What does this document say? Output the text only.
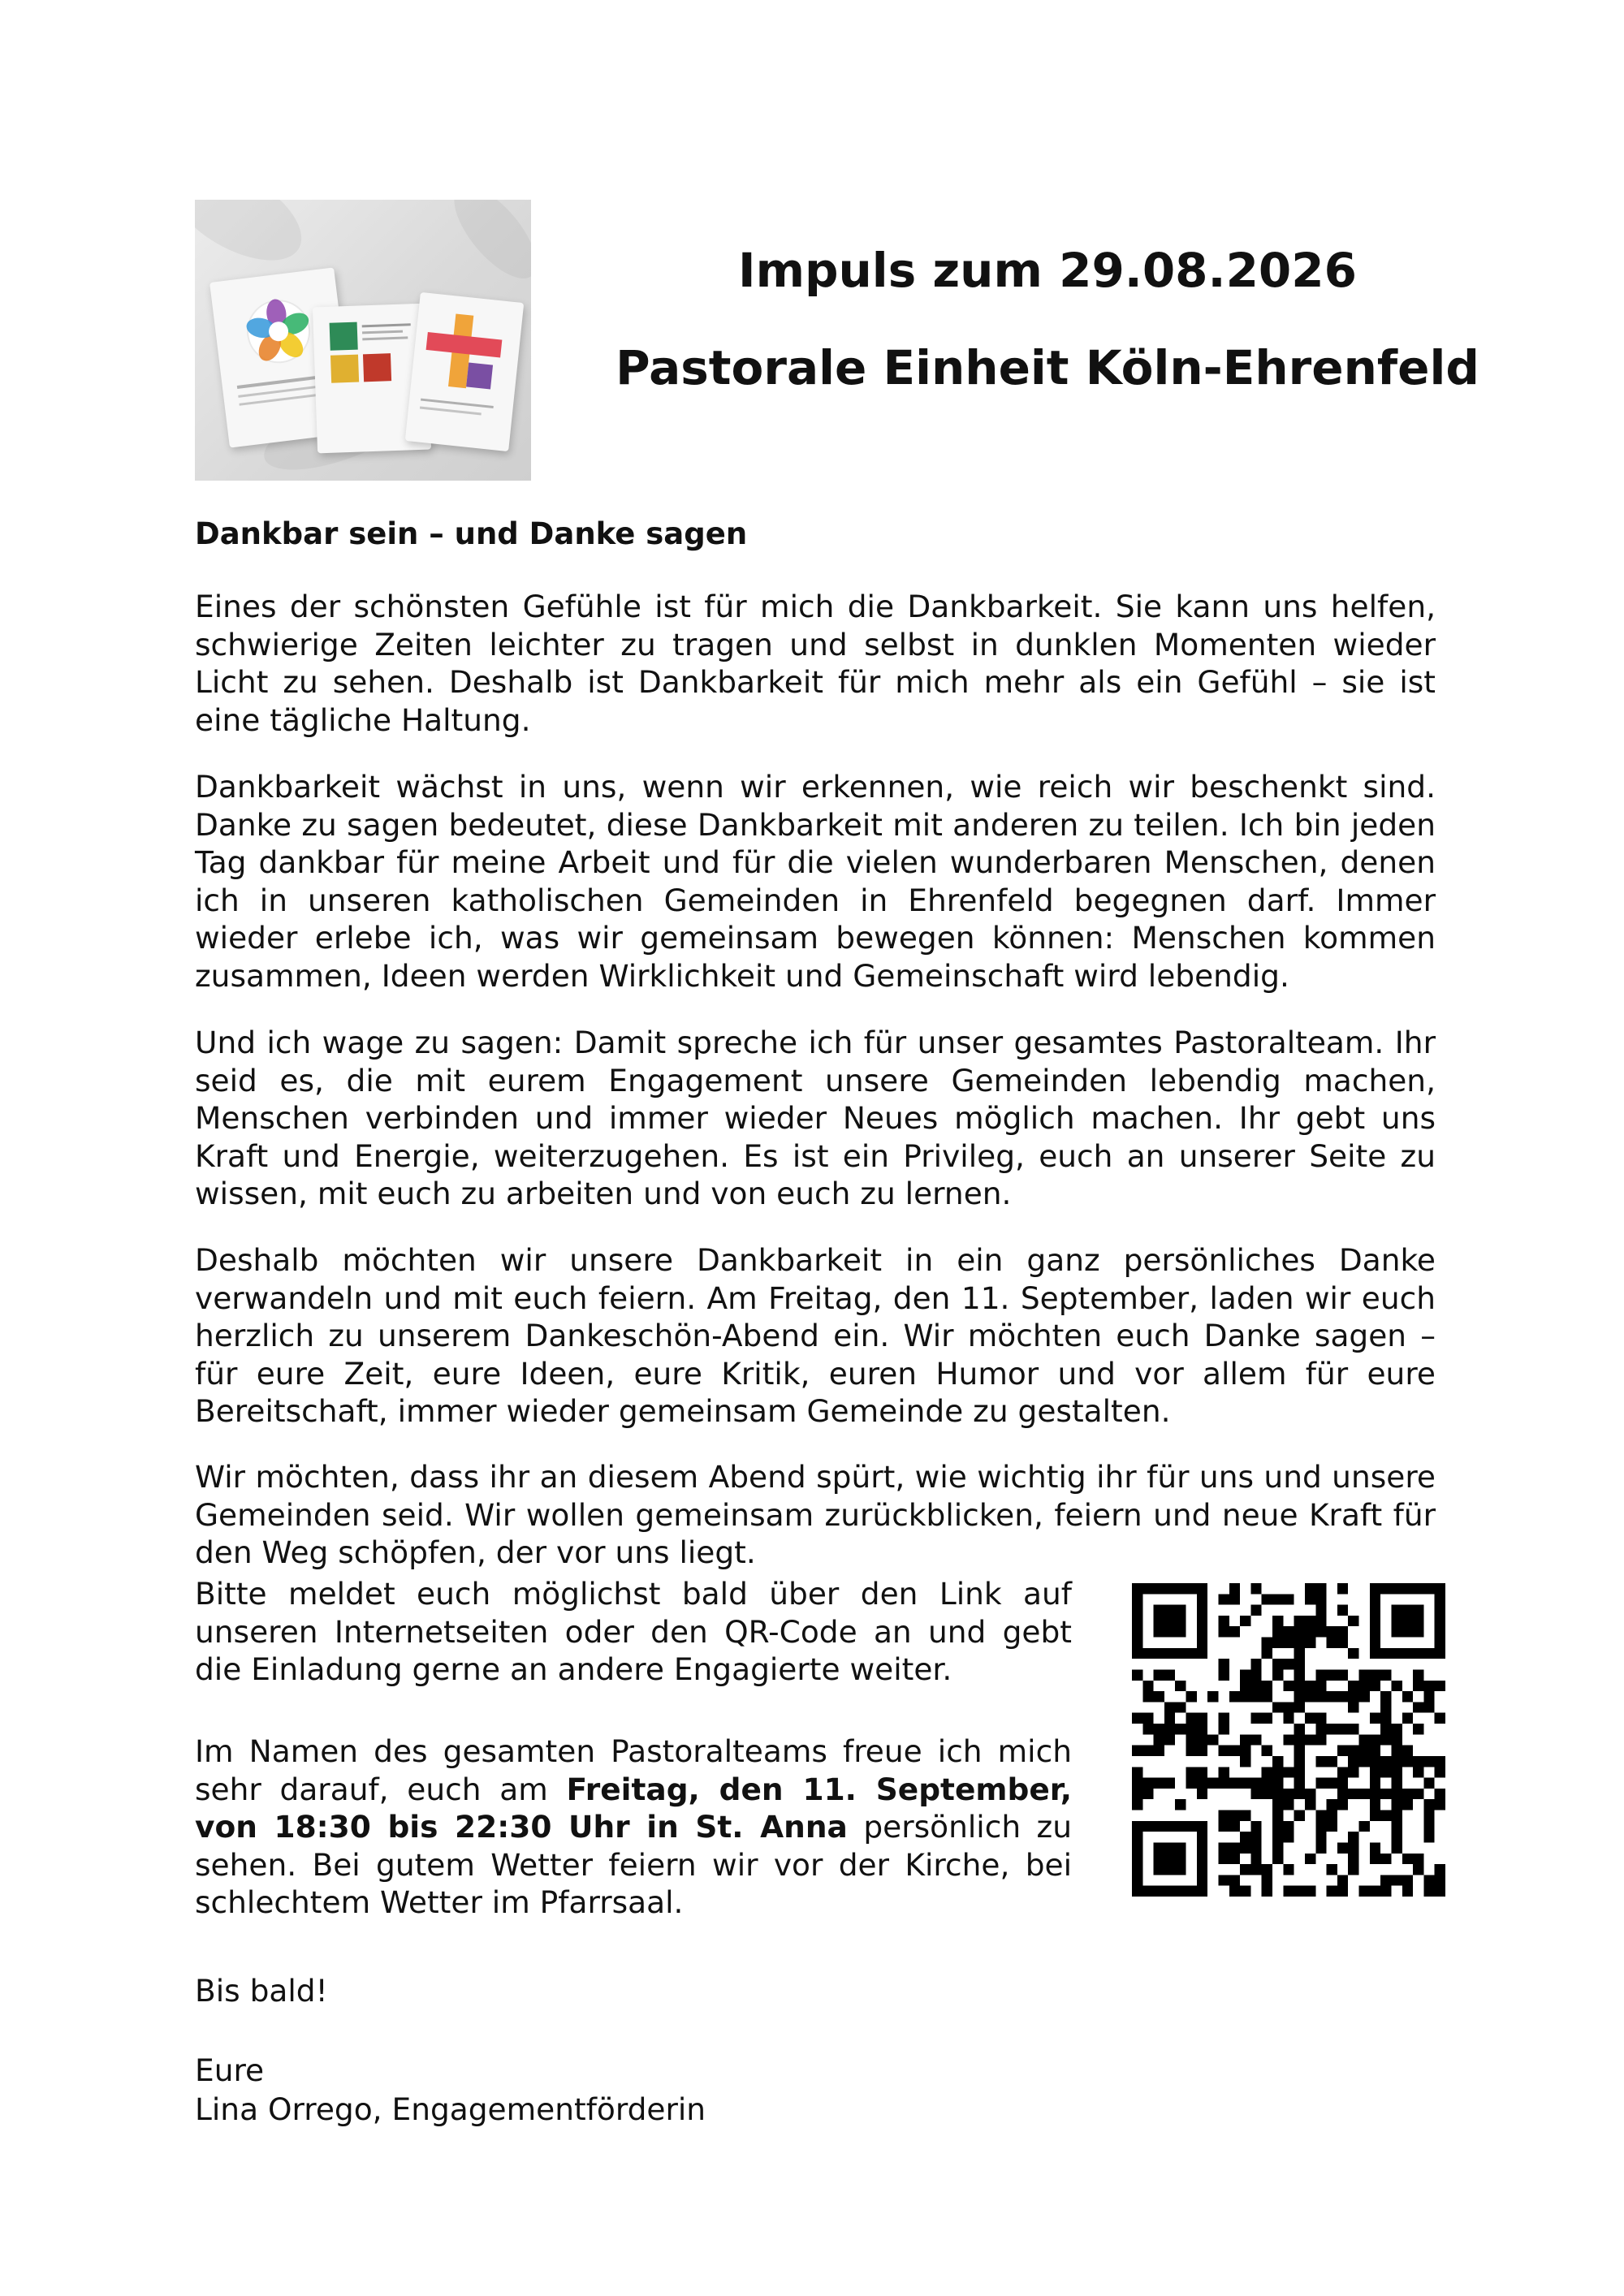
Impuls zum 29.08.2026
Pastorale Einheit Köln-Ehrenfeld
Dankbar sein – und Danke sagen

Eines der schönsten Gefühle ist für mich die Dankbarkeit. Sie kann uns helfen, schwierige Zeiten leichter zu tragen und selbst in dunklen Momenten wieder Licht zu sehen. Deshalb ist Dankbarkeit für mich mehr als ein Gefühl – sie ist eine tägliche Haltung.

Dankbarkeit wächst in uns, wenn wir erkennen, wie reich wir beschenkt sind. Danke zu sagen bedeutet, diese Dankbarkeit mit anderen zu teilen. Ich bin jeden Tag dankbar für meine Arbeit und für die vielen wunderbaren Menschen, denen ich in unseren katholischen Gemeinden in Ehrenfeld begegnen darf. Immer wieder erlebe ich, was wir gemeinsam bewegen können: Menschen kommen zusammen, Ideen werden Wirklichkeit und Gemeinschaft wird lebendig.

Und ich wage zu sagen: Damit spreche ich für unser gesamtes Pastoralteam. Ihr seid es, die mit eurem Engagement unsere Gemeinden lebendig machen, Menschen verbinden und immer wieder Neues möglich machen. Ihr gebt uns Kraft und Energie, weiterzugehen. Es ist ein Privileg, euch an unserer Seite zu wissen, mit euch zu arbeiten und von euch zu lernen.

Deshalb möchten wir unsere Dankbarkeit in ein ganz persönliches Danke verwandeln und mit euch feiern. Am Freitag, den 11. September, laden wir euch herzlich zu unserem Dankeschön-Abend ein. Wir möchten euch Danke sagen – für eure Zeit, eure Ideen, eure Kritik, euren Humor und vor allem für eure Bereitschaft, immer wieder gemeinsam Gemeinde zu gestalten.

Wir möchten, dass ihr an diesem Abend spürt, wie wichtig ihr für uns und unsere Gemeinden seid. Wir wollen gemeinsam zurückblicken, feiern und neue Kraft für den Weg schöpfen, der vor uns liegt.

Bitte meldet euch möglichst bald über den Link auf unseren Internetseiten oder den QR-Code an und gebt die Einladung gerne an andere Engagierte weiter.

Im Namen des gesamten Pastoralteams freue ich mich sehr darauf, euch am Freitag, den 11. September, von 18:30 bis 22:30 Uhr in St. Anna persönlich zu sehen. Bei gutem Wetter feiern wir vor der Kirche, bei schlechtem Wetter im Pfarrsaal.

Bis bald!

Eure

Lina Orrego, Engagementförderin
